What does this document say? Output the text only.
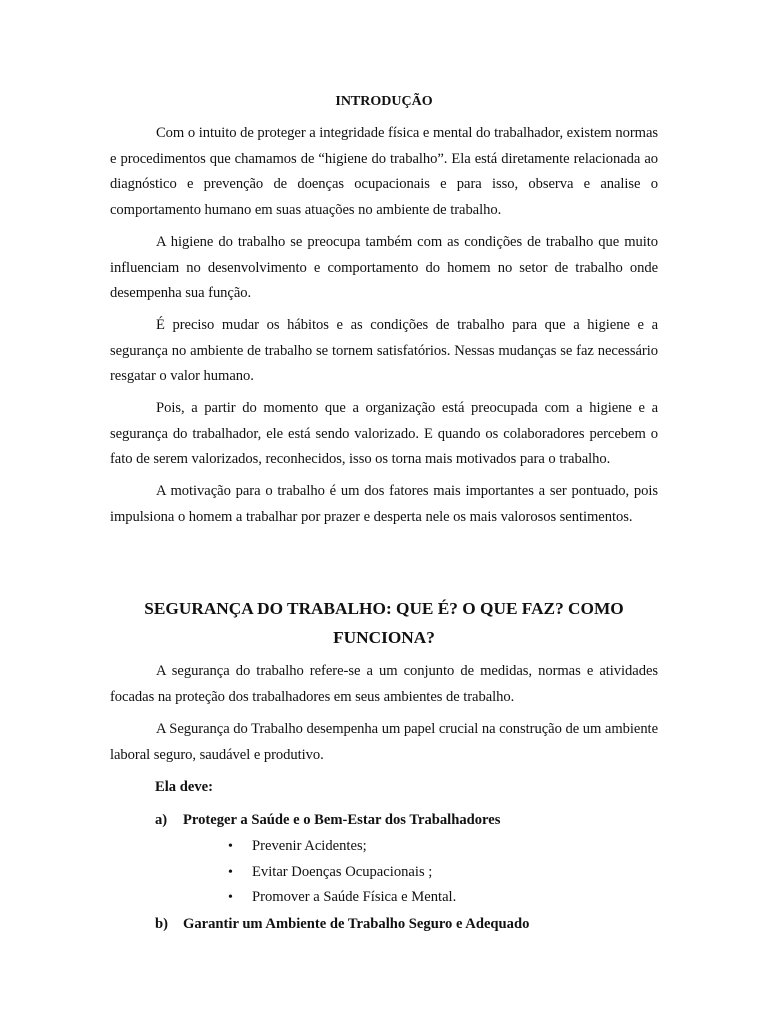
INTRODUÇÃO

Com o intuito de proteger a integridade física e mental do trabalhador, existem normas e procedimentos que chamamos de “higiene do trabalho”. Ela está diretamente relacionada ao diagnóstico e prevenção de doenças ocupacionais e para isso, observa e analise o comportamento humano em suas atuações no ambiente de trabalho.

A higiene do trabalho se preocupa também com as condições de trabalho que muito influenciam no desenvolvimento e comportamento do homem no setor de trabalho onde desempenha sua função.

É preciso mudar os hábitos e as condições de trabalho para que a higiene e a segurança no ambiente de trabalho se tornem satisfatórios. Nessas mudanças se faz necessário resgatar o valor humano.

Pois, a partir do momento que a organização está preocupada com a higiene e a segurança do trabalhador, ele está sendo valorizado. E quando os colaboradores percebem o fato de serem valorizados, reconhecidos, isso os torna mais motivados para o trabalho.

A motivação para o trabalho é um dos fatores mais importantes a ser pontuado, pois impulsiona o homem a trabalhar por prazer e desperta nele os mais valorosos sentimentos.

SEGURANÇA DO TRABALHO: QUE É? O QUE FAZ? COMO FUNCIONA?

A segurança do trabalho refere-se a um conjunto de medidas, normas e atividades focadas na proteção dos trabalhadores em seus ambientes de trabalho.

A Segurança do Trabalho desempenha um papel crucial na construção de um ambiente laboral seguro, saudável e produtivo.

Ela deve:

a) Proteger a Saúde e o Bem-Estar dos Trabalhadores

• Prevenir Acidentes;
• Evitar Doenças Ocupacionais ;
• Promover a Saúde Física e Mental.

b) Garantir um Ambiente de Trabalho Seguro e Adequado
